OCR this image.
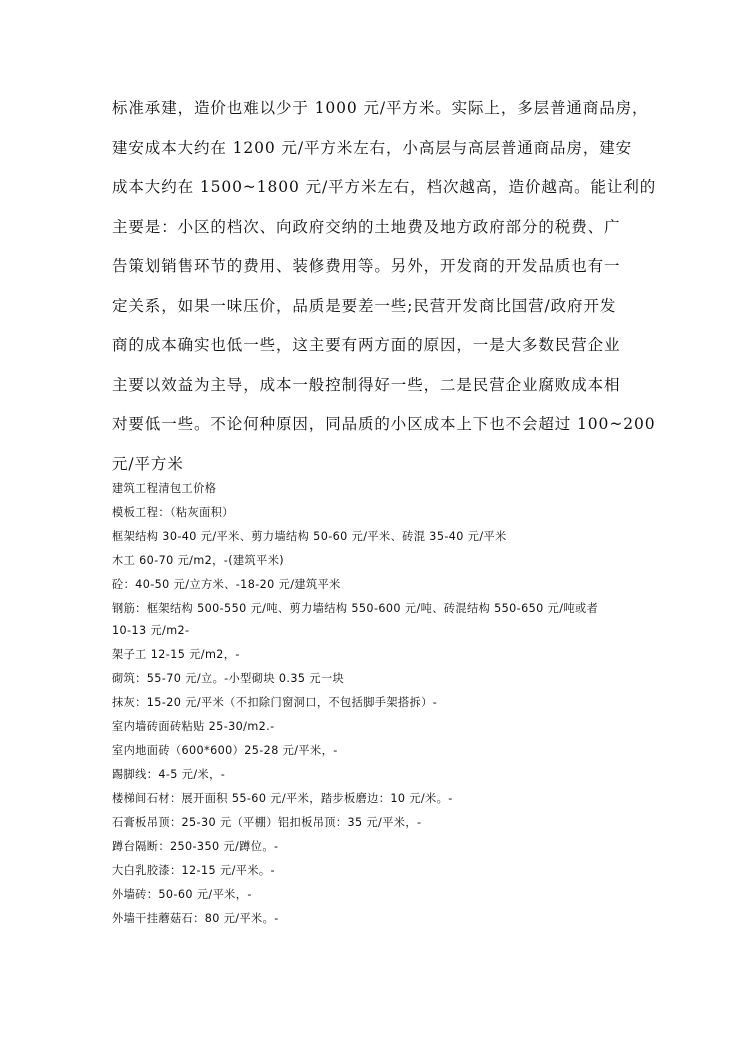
标准承建，造价也难以少于 1000 元/平方米。实际上，多层普通商品房，
建安成本大约在 1200 元/平方米左右，小高层与高层普通商品房，建安
成本大约在 1500~1800 元/平方米左右，档次越高，造价越高。能让利的
主要是：小区的档次、向政府交纳的土地费及地方政府部分的税费、广
告策划销售环节的费用、装修费用等。另外，开发商的开发品质也有一
定关系，如果一味压价，品质是要差一些;民营开发商比国营/政府开发
商的成本确实也低一些，这主要有两方面的原因，一是大多数民营企业
主要以效益为主导，成本一般控制得好一些，二是民营企业腐败成本相
对要低一些。不论何种原因，同品质的小区成本上下也不会超过 100~200
元/平方米
建筑工程清包工价格
模板工程：（粘灰面积）
框架结构 30-40 元/平米、剪力墙结构 50-60 元/平米、砖混 35-40 元/平米
木工 60-70 元/m2，-(建筑平米)
砼：40-50 元/立方米、-18-20 元/建筑平米
钢筋：框架结构 500-550 元/吨、剪力墙结构 550-600 元/吨、砖混结构 550-650 元/吨或者
10-13 元/m2-
架子工 12-15 元/m2，-
砌筑：55-70 元/立。-小型砌块 0.35 元一块
抹灰：15-20 元/平米（不扣除门窗洞口，不包括脚手架搭拆）-
室内墙砖面砖粘贴 25-30/m2.-
室内地面砖（600*600）25-28 元/平米，-
踢脚线：4-5 元/米，-
楼梯间石材：展开面积 55-60 元/平米，踏步板磨边：10 元/米。-
石膏板吊顶：25-30 元（平棚）铝扣板吊顶：35 元/平米，-
蹲台隔断：250-350 元/蹲位。-
大白乳胶漆：12-15 元/平米。-
外墙砖：50-60 元/平米，-
外墙干挂蘑菇石：80 元/平米。-
